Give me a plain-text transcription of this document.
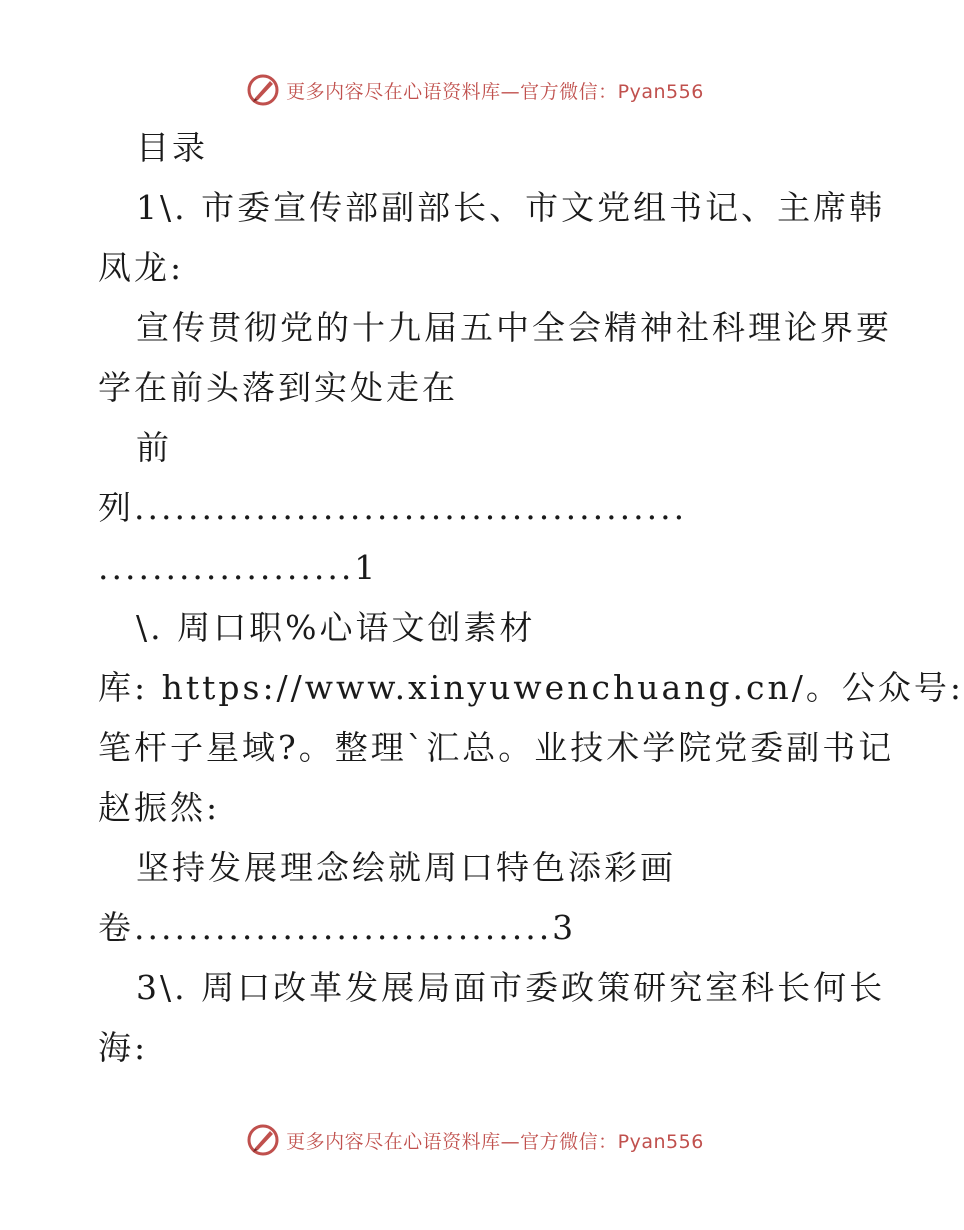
更多内容尽在心语资料库—官方微信：Pyan556
目录
1\. 市委宣传部副部长、市文党组书记、主席韩
凤龙:
宣传贯彻党的十九届五中全会精神社科理论界要
学在前头落到实处走在
前
列.........................................
...................1
\. 周口职%心语文创素材
库: https://www.xinyuwenchuang.cn/。公众号:
笔杆子星域?。整理`汇总。业技术学院党委副书记
赵振然:
坚持发展理念绘就周口特色添彩画
卷...............................3
3\. 周口改革发展局面市委政策研究室科长何长
海:
更多内容尽在心语资料库—官方微信：Pyan556
